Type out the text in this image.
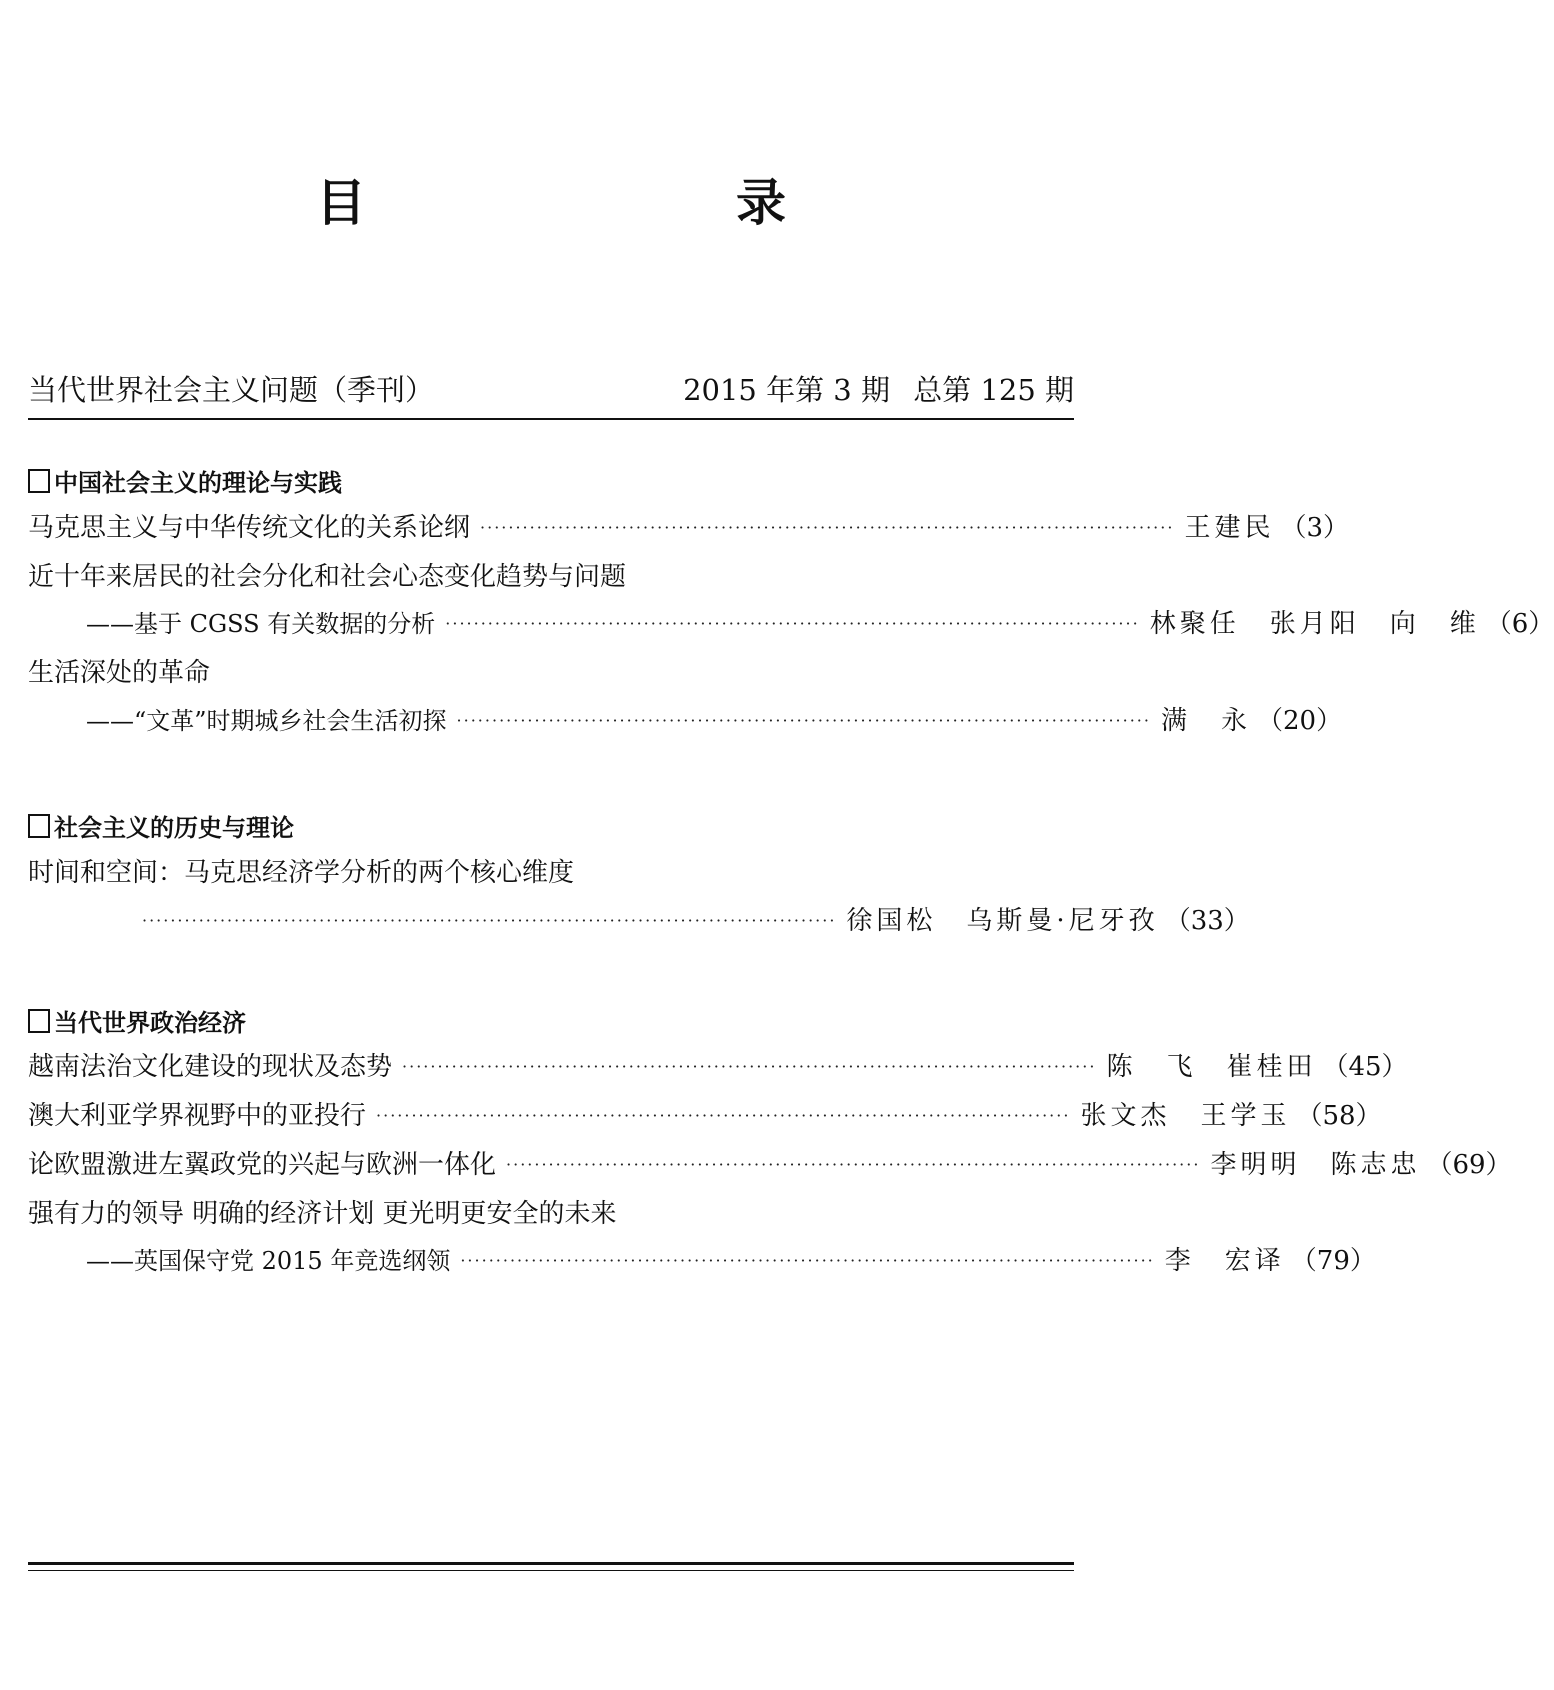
目　录
当代世界社会主义问题（季刊）	2015 年第 3 期 总第 125 期
中国社会主义的理论与实践
马克思主义与中华传统文化的关系论纲 ·································································································· 王建民 （3）
近十年来居民的社会分化和社会心态变化趋势与问题
——基于 CGSS 有关数据的分析 ·································································································· 林聚任　张月阳　向　维 （6）
生活深处的革命
——“文革”时期城乡社会生活初探 ·································································································· 满　永 （20）
社会主义的历史与理论
时间和空间：马克思经济学分析的两个核心维度
·································································································· 徐国松　乌斯曼·尼牙孜 （33）
当代世界政治经济
越南法治文化建设的现状及态势 ·································································································· 陈　飞　崔桂田 （45）
澳大利亚学界视野中的亚投行 ·································································································· 张文杰　王学玉 （58）
论欧盟激进左翼政党的兴起与欧洲一体化 ·································································································· 李明明　陈志忠 （69）
强有力的领导 明确的经济计划 更光明更安全的未来
——英国保守党 2015 年竞选纲领 ·································································································· 李　宏译 （79）
